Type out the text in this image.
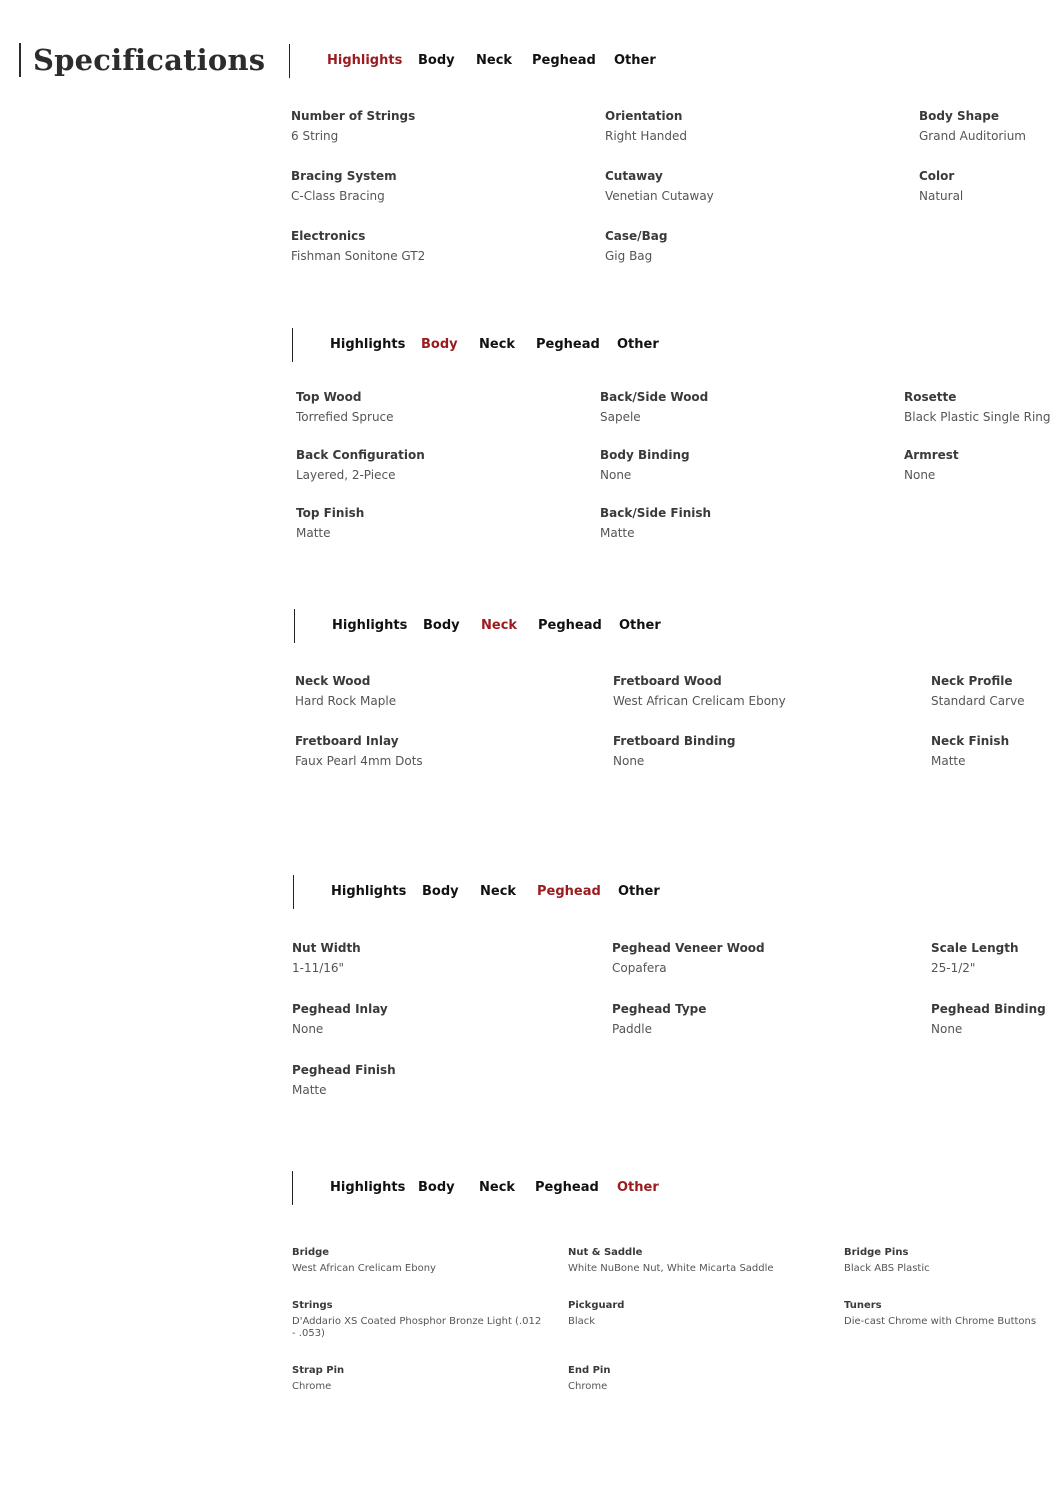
Specifications	Highlights Body Neck Peghead Other
Number of Strings
6 String
Orientation
Right Handed
Body Shape
Grand Auditorium
Bracing System
C-Class Bracing
Cutaway
Venetian Cutaway
Color
Natural
Electronics
Fishman Sonitone GT2
Case/Bag
Gig Bag
Highlights Body Neck Peghead Other
Top Wood
Torrefied Spruce
Back/Side Wood
Sapele
Rosette
Black Plastic Single Ring
Back Configuration
Layered, 2-Piece
Body Binding
None
Armrest
None
Top Finish
Matte
Back/Side Finish
Matte
Highlights Body Neck Peghead Other
Neck Wood
Hard Rock Maple
Fretboard Wood
West African Crelicam Ebony
Neck Profile
Standard Carve
Fretboard Inlay
Faux Pearl 4mm Dots
Fretboard Binding
None
Neck Finish
Matte
Highlights Body Neck Peghead Other
Nut Width
1-11/16"
Peghead Veneer Wood
Copafera
Scale Length
25-1/2"
Peghead Inlay
None
Peghead Type
Paddle
Peghead Binding
None
Peghead Finish
Matte
Highlights Body Neck Peghead Other
Bridge
West African Crelicam Ebony
Nut & Saddle
White NuBone Nut, White Micarta Saddle
Bridge Pins
Black ABS Plastic
Strings
D'Addario XS Coated Phosphor Bronze Light (.012 - .053)
Pickguard
Black
Tuners
Die-cast Chrome with Chrome Buttons
Strap Pin
Chrome
End Pin
Chrome
